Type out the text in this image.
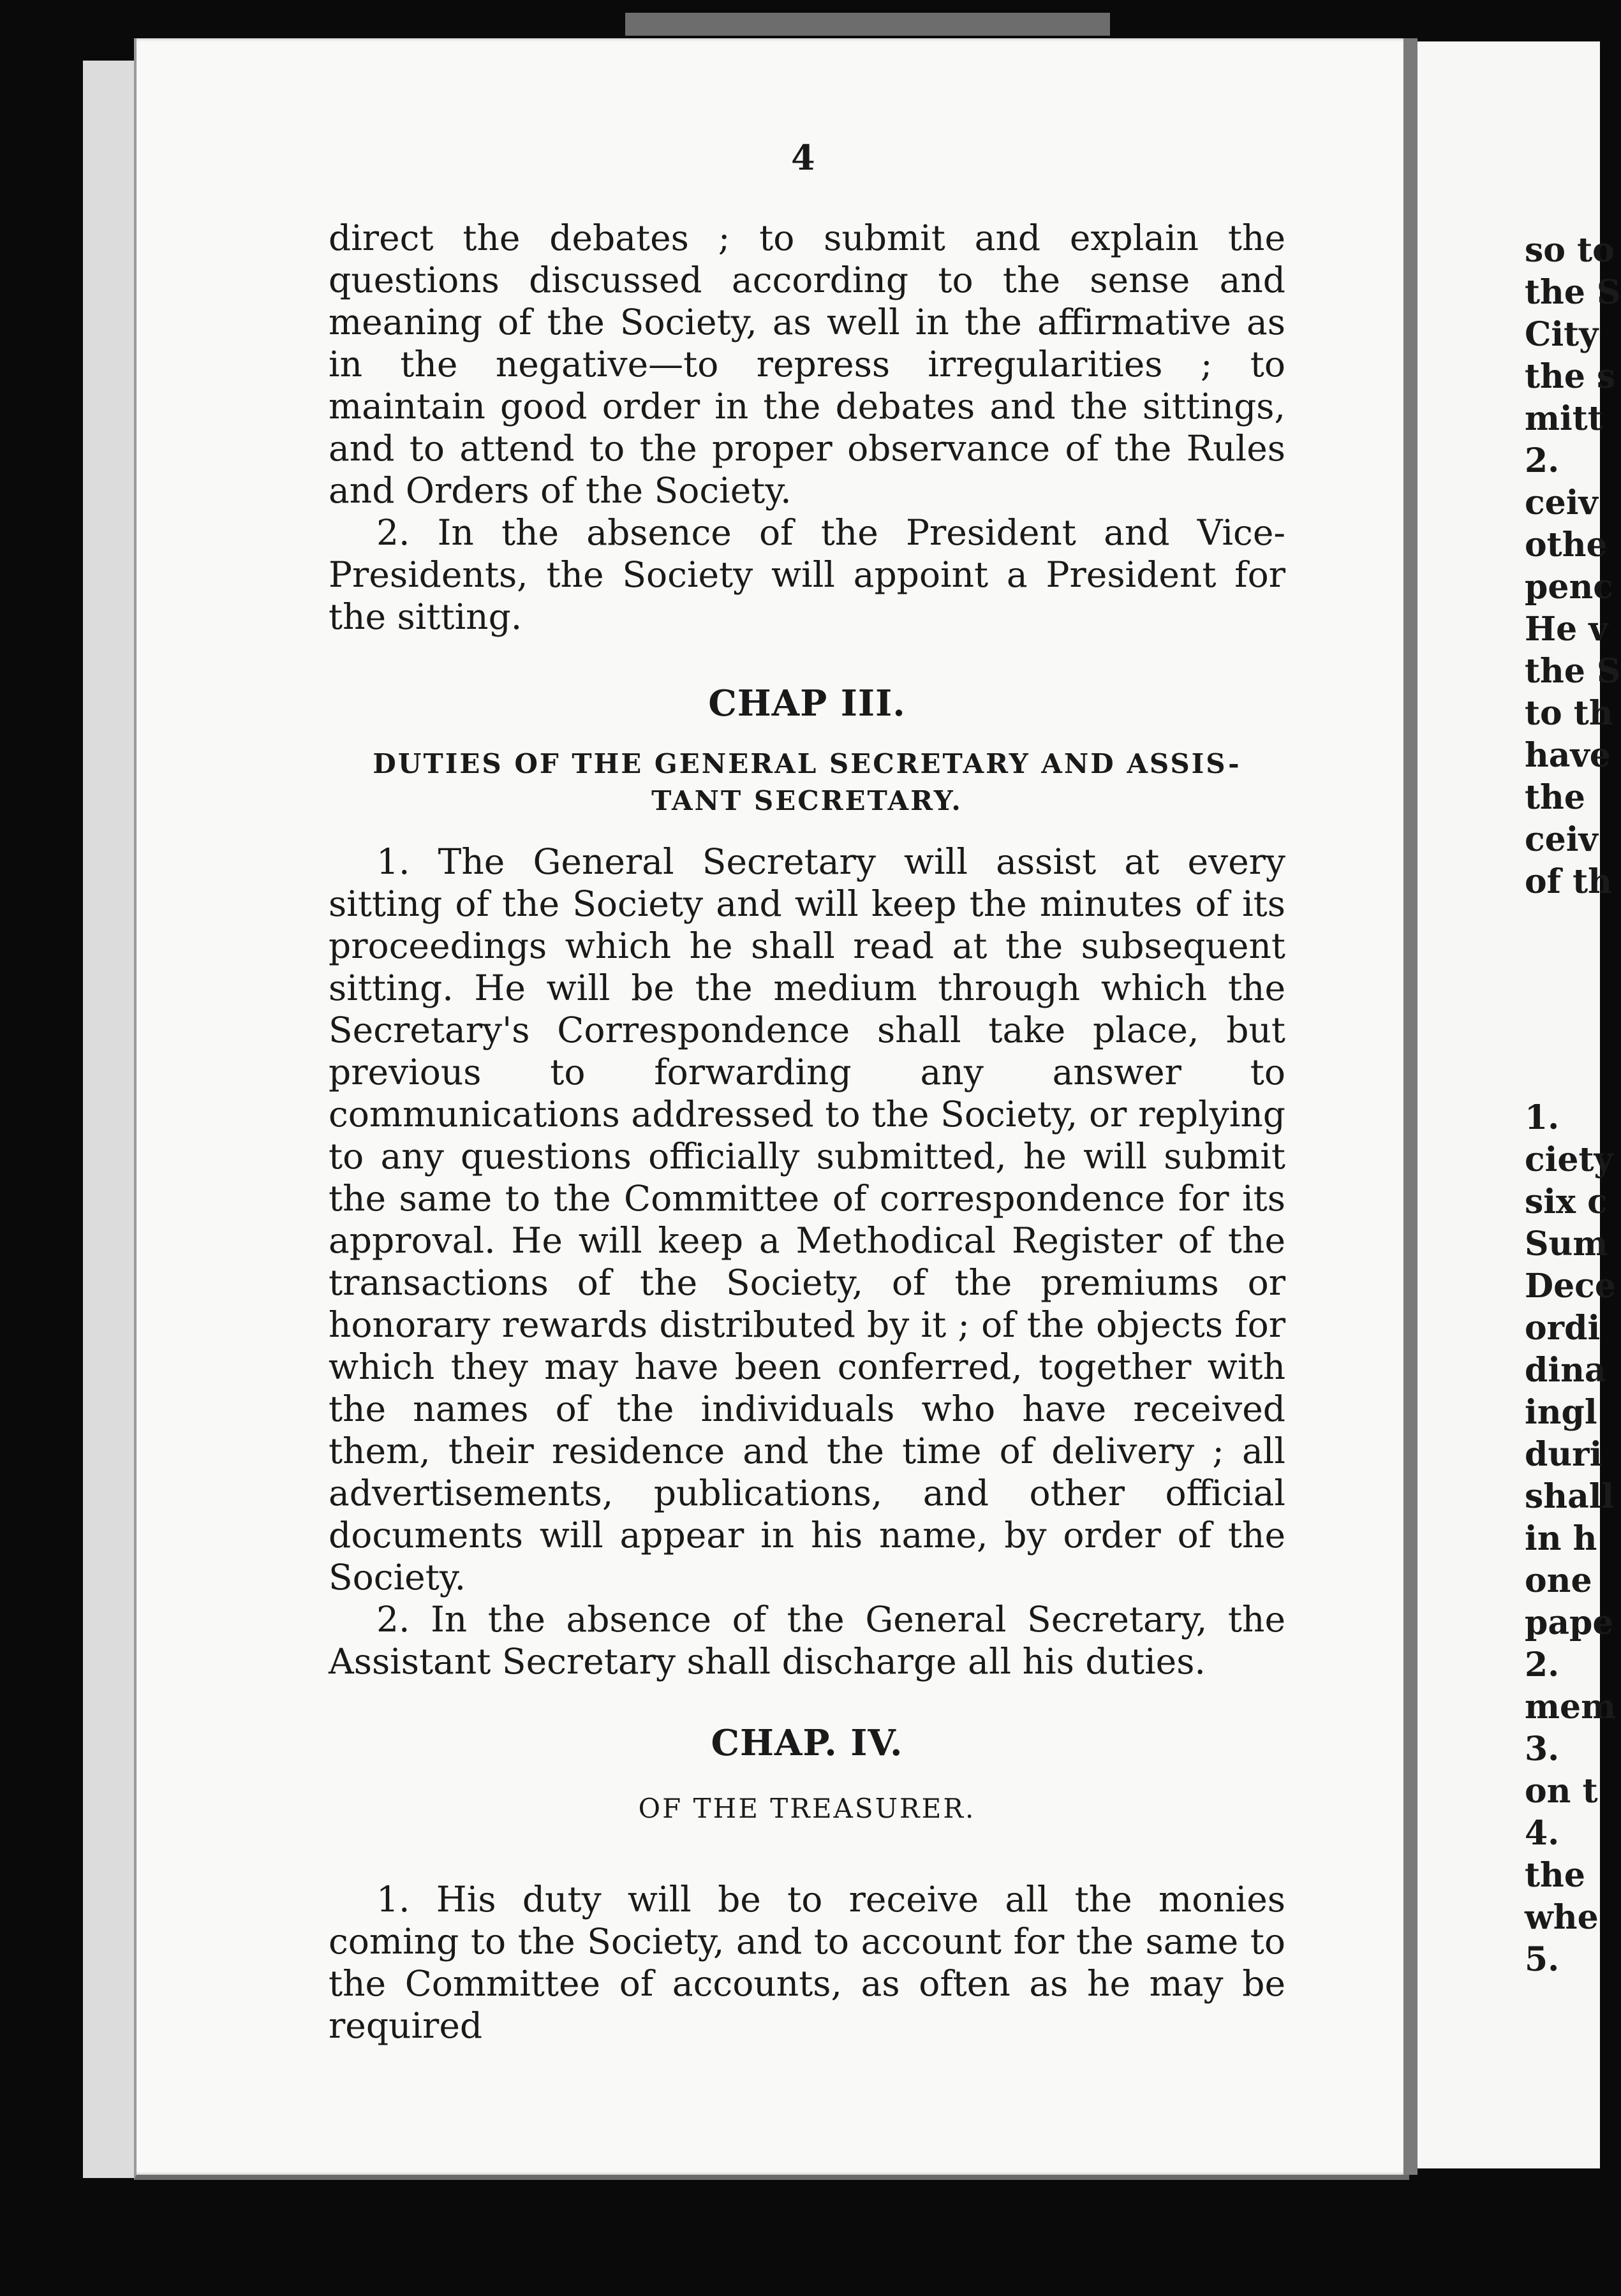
4

direct the debates ; to submit and explain the questions discussed according to the sense and meaning of the Society, as well in the affirmative as in the negative—to repress irregularities ; to maintain good order in the debates and the sittings, and to attend to the proper observance of the Rules and Orders of the Society.

2. In the absence of the President and Vice-Presidents, the Society will appoint a President for the sitting.

CHAP III.
DUTIES OF THE GENERAL SECRETARY AND ASSIS-
TANT SECRETARY.

1. The General Secretary will assist at every sitting of the Society and will keep the minutes of its proceedings which he shall read at the subsequent sitting. He will be the medium through which the Secretary's Correspondence shall take place, but previous to forwarding any answer to communications addressed to the Society, or replying to any questions officially submitted, he will submit the same to the Committee of correspondence for its approval. He will keep a Methodical Register of the transactions of the Society, of the premiums or honorary rewards distributed by it ; of the objects for which they may have been conferred, together with the names of the individuals who have received them, their residence and the time of delivery ; all advertisements, publications, and other official documents will appear in his name, by order of the Society.

2. In the absence of the General Secretary, the Assistant Secretary shall discharge all his duties.

CHAP. IV.
OF THE TREASURER.

1. His duty will be to receive all the monies coming to the Society, and to account for the same to the Committee of accounts, as often as he may be required

so to
the S
City
the s
mitt
2.
ceiv
othe
penc
He v
the S
to th
have
the
ceiv
of th
1.
ciety
six c
Sum
Dece
ordi
dina
ingl
duri
shall
in h
one
pape
2.
mem
3.
on t
4.
the
whe
5.
